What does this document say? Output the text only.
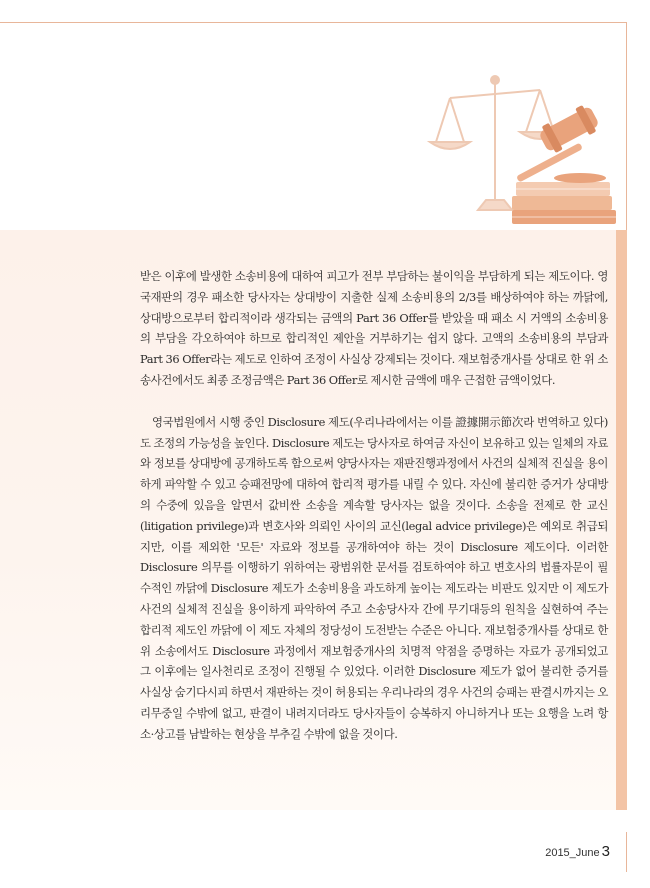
받은 이후에 발생한 소송비용에 대하여 피고가 전부 부담하는 불이익을 부담하게 되는 제도이다. 영국재판의 경우 패소한 당사자는 상대방이 지출한 실제 소송비용의 2/3를 배상하여야 하는 까닭에, 상대방으로부터 합리적이라 생각되는 금액의 Part 36 Offer를 받았을 때 패소 시 거액의 소송비용의 부담을 각오하여야 하므로 합리적인 제안을 거부하기는 쉽지 않다. 고액의 소송비용의 부담과 Part 36 Offer라는 제도로 인하여 조정이 사실상 강제되는 것이다. 재보험중개사를 상대로 한 위 소송사건에서도 최종 조정금액은 Part 36 Offer로 제시한 금액에 매우 근접한 금액이었다.

영국법원에서 시행 중인 Disclosure 제도(우리나라에서는 이를 證據開示節次라 번역하고 있다)도 조정의 가능성을 높인다. Disclosure 제도는 당사자로 하여금 자신이 보유하고 있는 일체의 자료와 정보를 상대방에 공개하도록 함으로써 양당사자는 재판진행과정에서 사건의 실체적 진실을 용이하게 파악할 수 있고 승패전망에 대하여 합리적 평가를 내릴 수 있다. 자신에 불리한 증거가 상대방의 수중에 있음을 알면서 값비싼 소송을 계속할 당사자는 없을 것이다. 소송을 전제로 한 교신(litigation privilege)과 변호사와 의뢰인 사이의 교신(legal advice privilege)은 예외로 취급되지만, 이를 제외한 '모든' 자료와 정보를 공개하여야 하는 것이 Disclosure 제도이다. 이러한 Disclosure 의무를 이행하기 위하여는 광범위한 문서를 검토하여야 하고 변호사의 법률자문이 필수적인 까닭에 Disclosure 제도가 소송비용을 과도하게 높이는 제도라는 비판도 있지만 이 제도가 사건의 실체적 진실을 용이하게 파악하여 주고 소송당사자 간에 무기대등의 원칙을 실현하여 주는 합리적 제도인 까닭에 이 제도 자체의 정당성이 도전받는 수준은 아니다. 재보험중개사를 상대로 한 위 소송에서도 Disclosure 과정에서 재보험중개사의 치명적 약점을 증명하는 자료가 공개되었고 그 이후에는 일사천리로 조정이 진행될 수 있었다. 이러한 Disclosure 제도가 없어 불리한 증거를 사실상 숨기다시피 하면서 재판하는 것이 허용되는 우리나라의 경우 사건의 승패는 판결시까지는 오리무중일 수밖에 없고, 판결이 내려지더라도 당사자들이 승복하지 아니하거나 또는 요행을 노려 항소·상고를 남발하는 현상을 부추길 수밖에 없을 것이다.

2015_June 3
